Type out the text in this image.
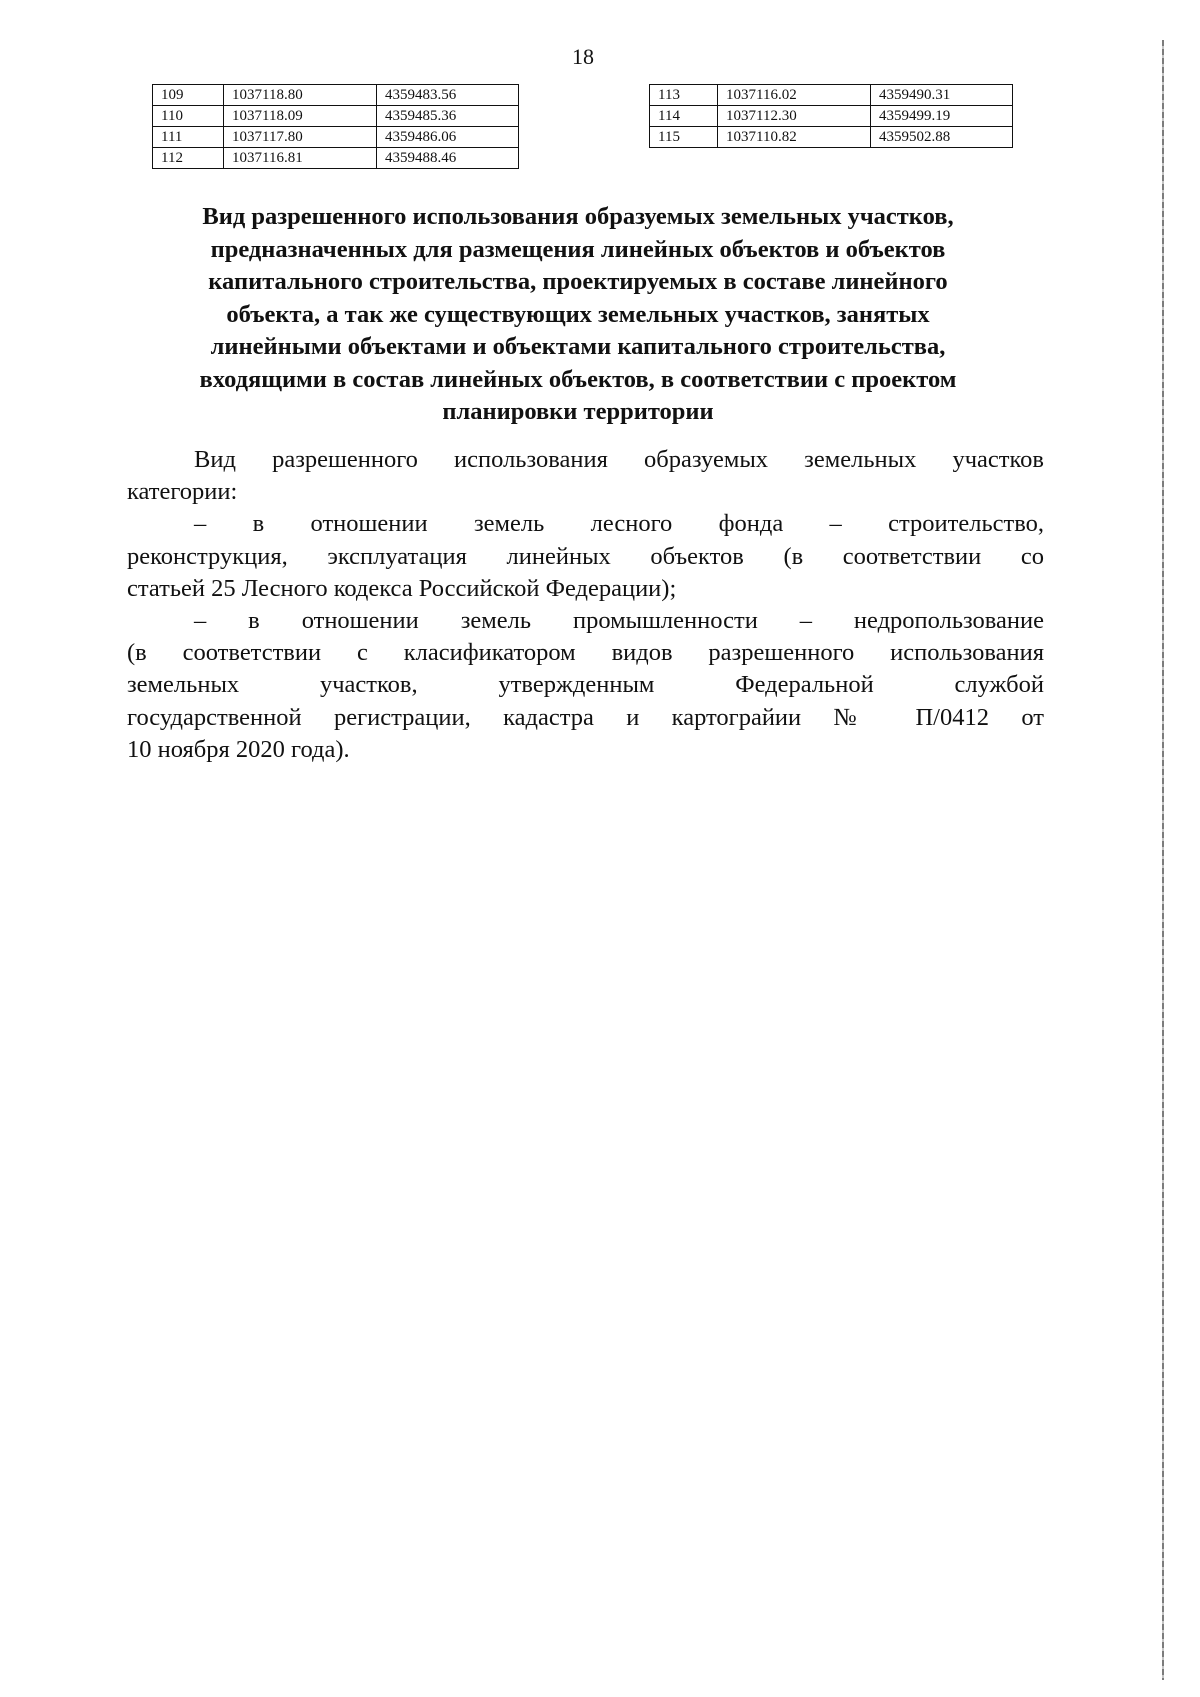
18
109	1037118.80	4359483.56
110	1037118.09	4359485.36
111	1037117.80	4359486.06
112	1037116.81	4359488.46
113	1037116.02	4359490.31
114	1037112.30	4359499.19
115	1037110.82	4359502.88
Вид разрешенного использования образуемых земельных участков,
предназначенных для размещения линейных объектов и объектов
капитального строительства, проектируемых в составе линейного
объекта, а так же существующих земельных участков, занятых
линейными объектами и объектами капитального строительства,
входящими в состав линейных объектов, в соответствии с проектом
планировки территории
Вид разрешенного использования образуемых земельных участков
категории:
– в отношении земель лесного фонда – строительство,
реконструкция, эксплуатация линейных объектов (в соответствии со
статьей 25 Лесного кодекса Российской Федерации);
– в отношении земель промышленности – недропользование
(в соответствии с класификатором видов разрешенного использования
земельных участков, утвержденным Федеральной службой
государственной регистрации, кадастра и картограйии № П/0412 от
10 ноября 2020 года).
